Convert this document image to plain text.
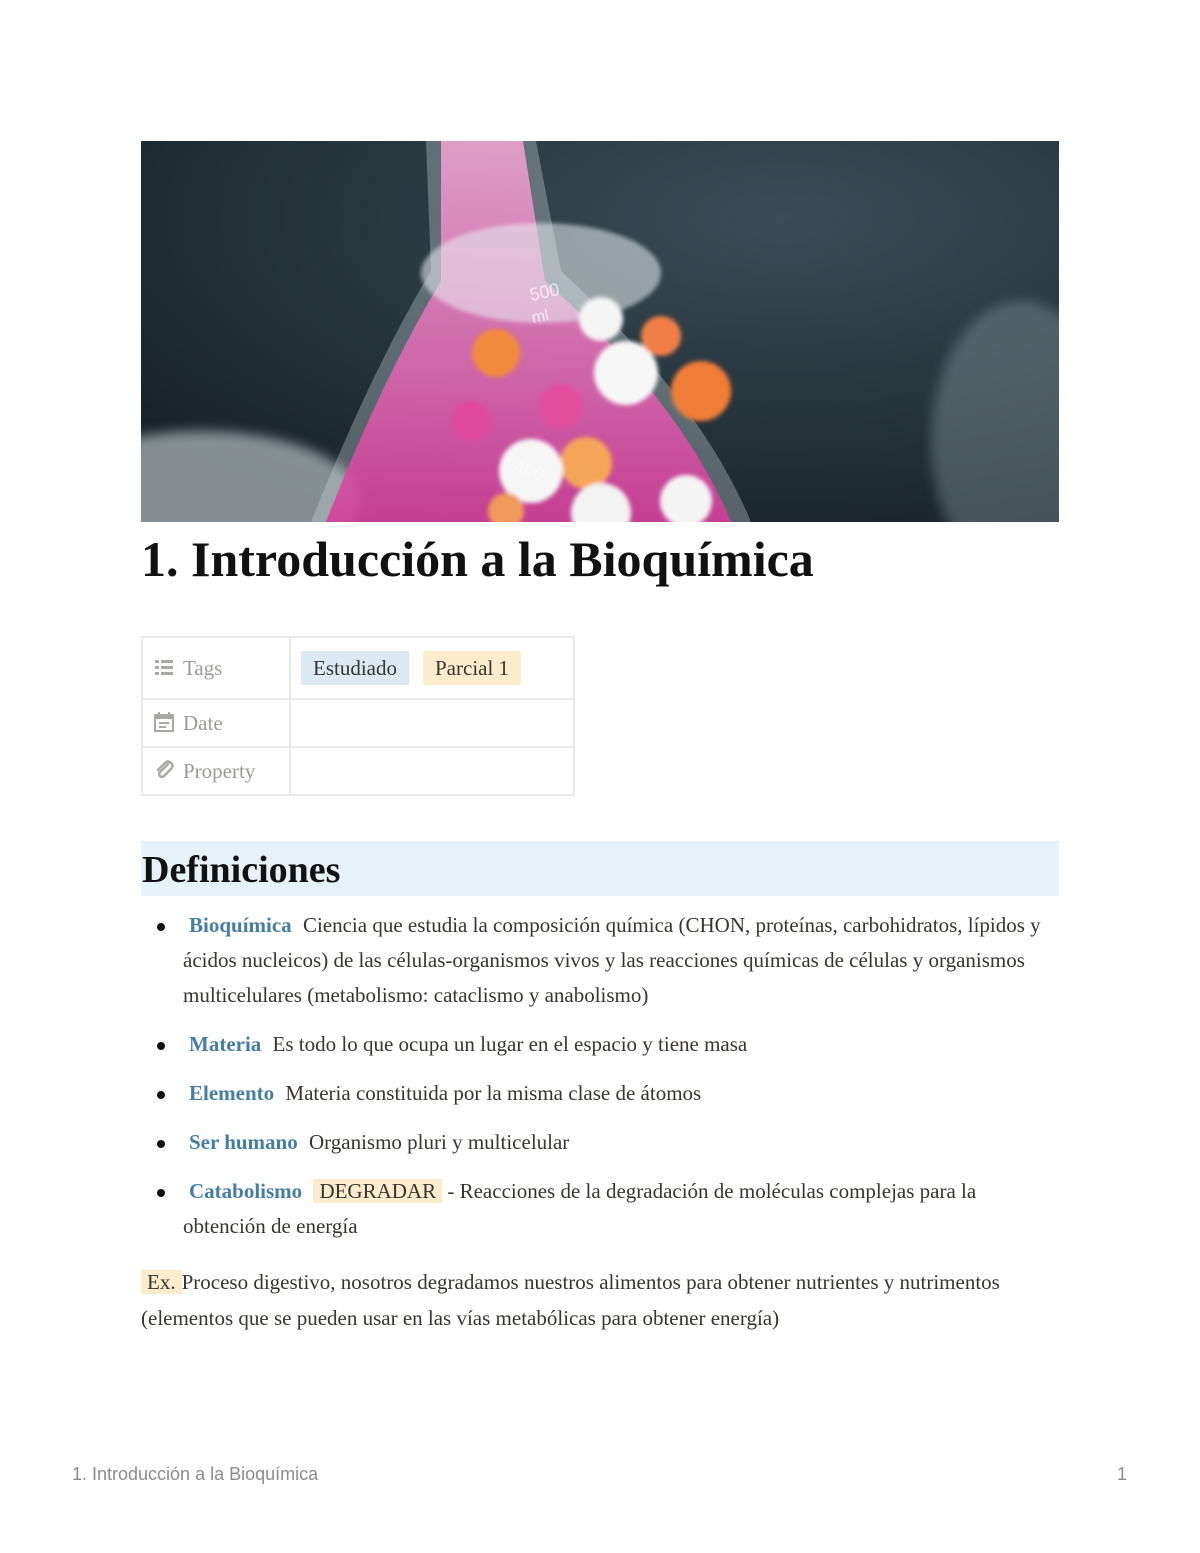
500
ml
400
1. Introducción a la Bioquímica
Tags	Estudiado Parcial 1
Date	
Property	
Definiciones
Bioquímica Ciencia que estudia la composición química (CHON, proteínas, carbohidratos, lípidos y ácidos nucleicos) de las células-organismos vivos y las reacciones químicas de células y organismos multicelulares (metabolismo: cataclismo y anabolismo)
Materia Es todo lo que ocupa un lugar en el espacio y tiene masa
Elemento Materia constituida por la misma clase de átomos
Ser humano Organismo pluri y multicelular
Catabolismo DEGRADAR - Reacciones de la degradación de moléculas complejas para la obtención de energía

Ex. Proceso digestivo, nosotros degradamos nuestros alimentos para obtener nutrientes y nutrimentos (elementos que se pueden usar en las vías metabólicas para obtener energía)

1. Introducción a la Bioquímica	1
